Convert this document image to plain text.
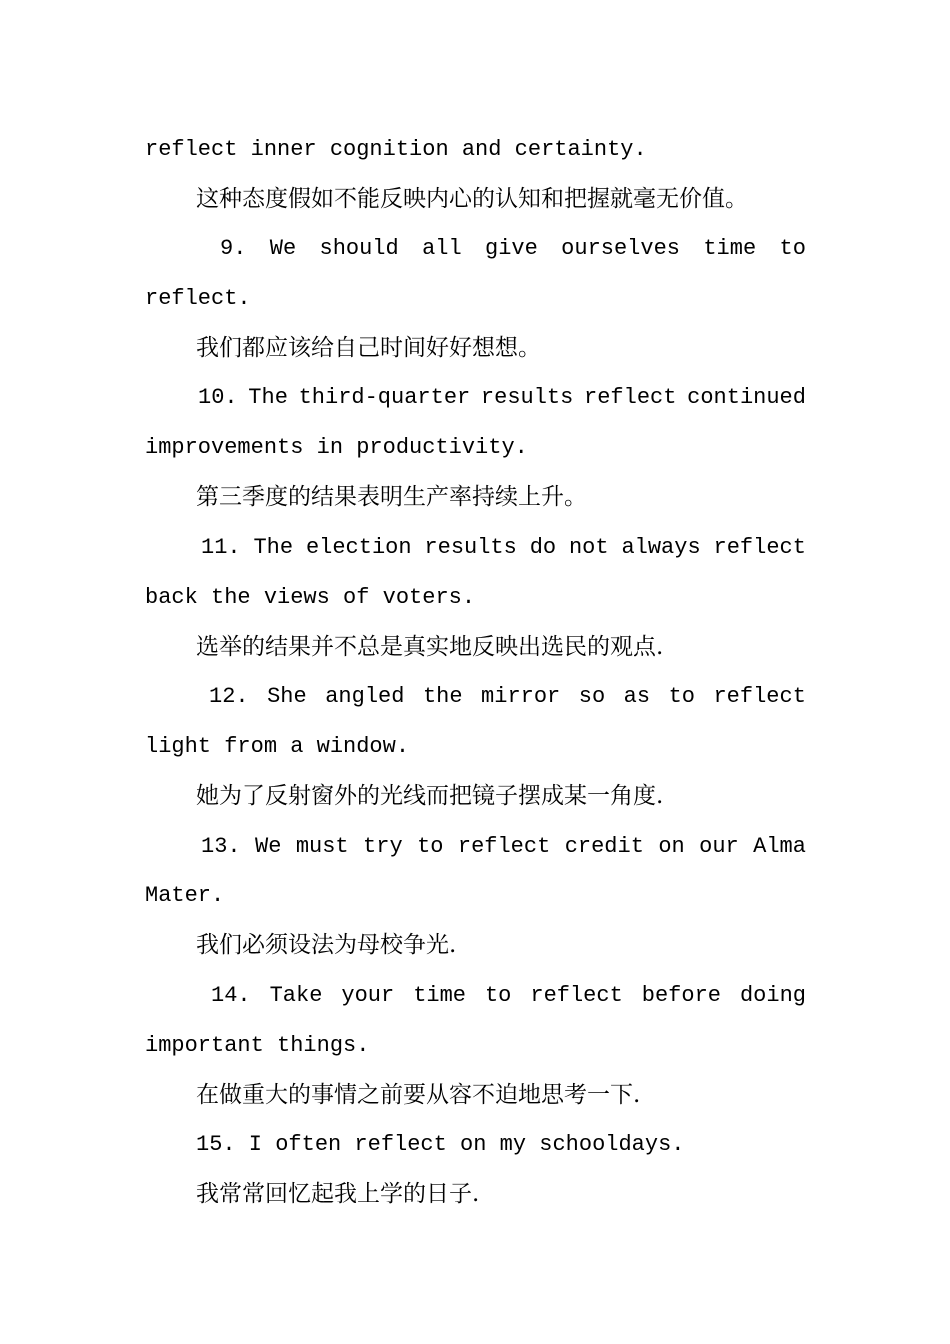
reflect inner cognition and certainty.
这种态度假如不能反映内心的认知和把握就毫无价值。
9. We should all give ourselves time to
reflect.
我们都应该给自己时间好好想想。
10. The third-quarter results reflect continued
improvements in productivity.
第三季度的结果表明生产率持续上升。
11. The election results do not always reflect
back the views of voters.
选举的结果并不总是真实地反映出选民的观点.
12. She angled the mirror so as to reflect
light from a window.
她为了反射窗外的光线而把镜子摆成某一角度.
13. We must try to reflect credit on our Alma
Mater.
我们必须设法为母校争光.
14. Take your time to reflect before doing
important things.
在做重大的事情之前要从容不迫地思考一下.
15. I often reflect on my schooldays.
我常常回忆起我上学的日子.
